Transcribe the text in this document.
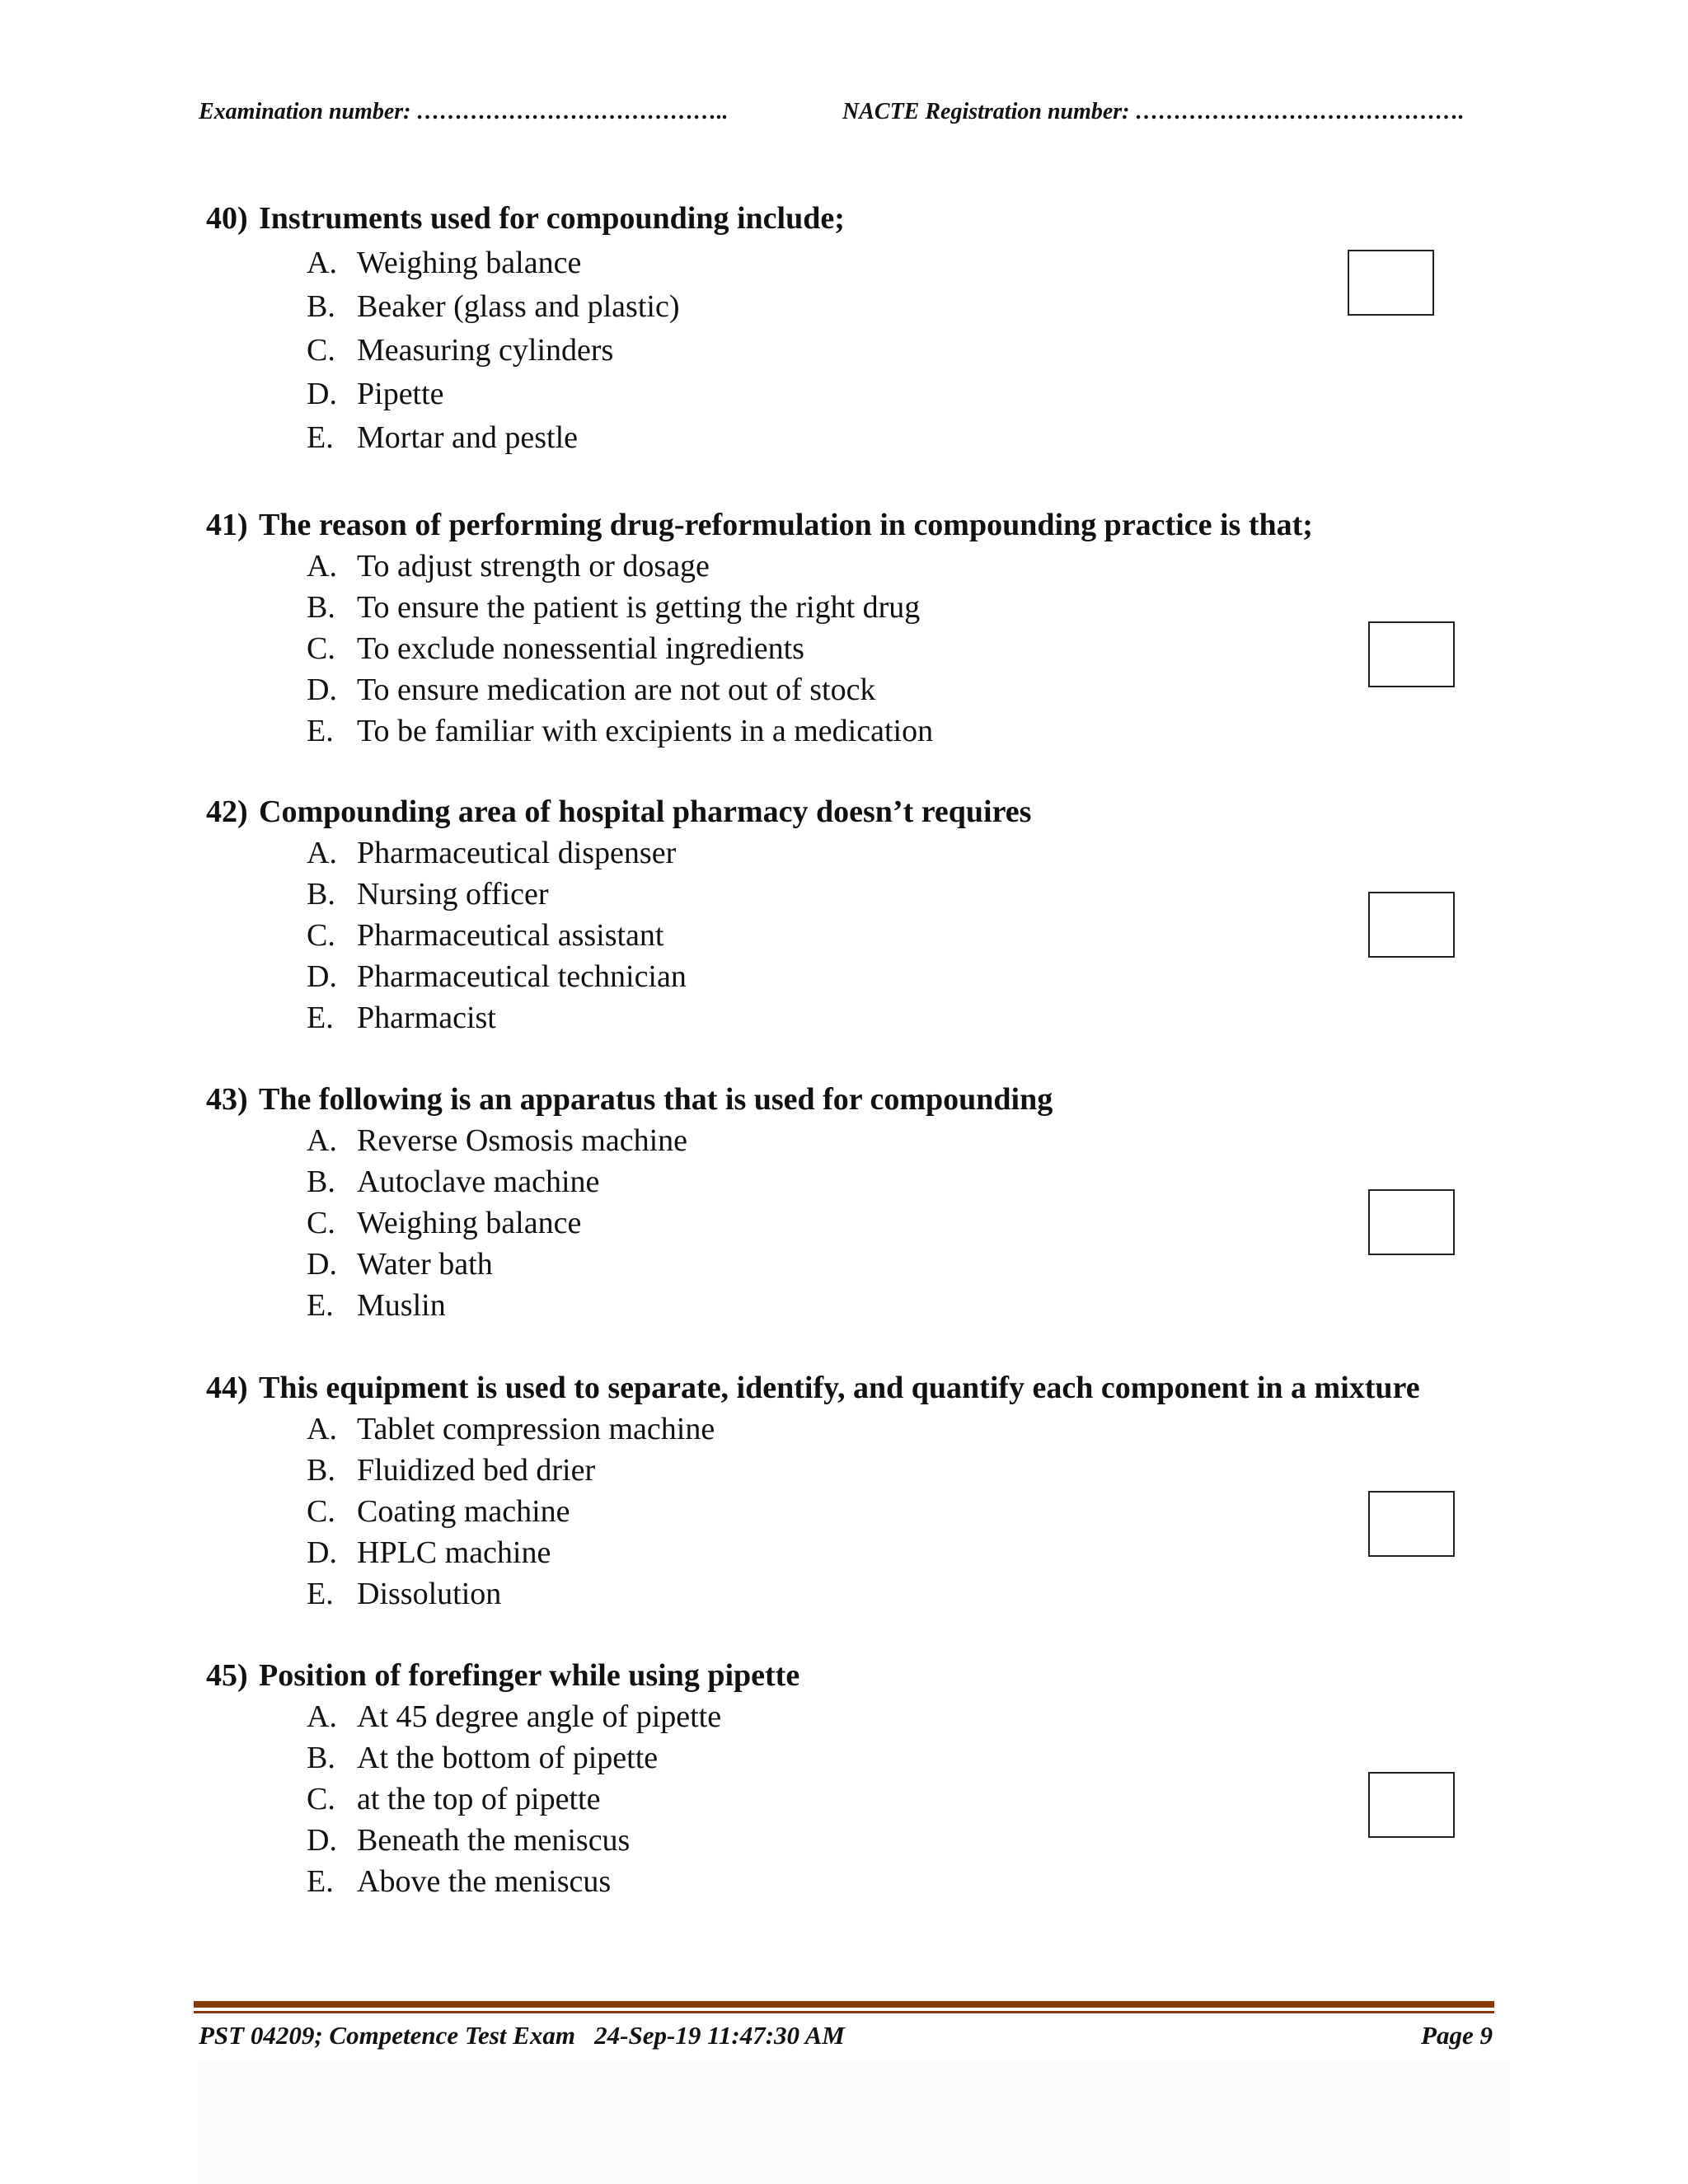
Examination number: …………………………………..	NACTE Registration number: …………………………………….
40) Instruments used for compounding include;
A. Weighing balance
B. Beaker (glass and plastic)
C. Measuring cylinders
D. Pipette
E. Mortar and pestle
41) The reason of performing drug-reformulation in compounding practice is that;
A. To adjust strength or dosage
B. To ensure the patient is getting the right drug
C. To exclude nonessential ingredients
D. To ensure medication are not out of stock
E. To be familiar with excipients in a medication
42) Compounding area of hospital pharmacy doesn’t requires
A. Pharmaceutical dispenser
B. Nursing officer
C. Pharmaceutical assistant
D. Pharmaceutical technician
E. Pharmacist
43) The following is an apparatus that is used for compounding
A. Reverse Osmosis machine
B. Autoclave machine
C. Weighing balance
D. Water bath
E. Muslin
44) This equipment is used to separate, identify, and quantify each component in a mixture
A. Tablet compression machine
B. Fluidized bed drier
C. Coating machine
D. HPLC machine
E. Dissolution
45) Position of forefinger while using pipette
A. At 45 degree angle of pipette
B. At the bottom of pipette
C. at the top of pipette
D. Beneath the meniscus
E. Above the meniscus
PST 04209; Competence Test Exam   24-Sep-19 11:47:30 AM	Page 9
